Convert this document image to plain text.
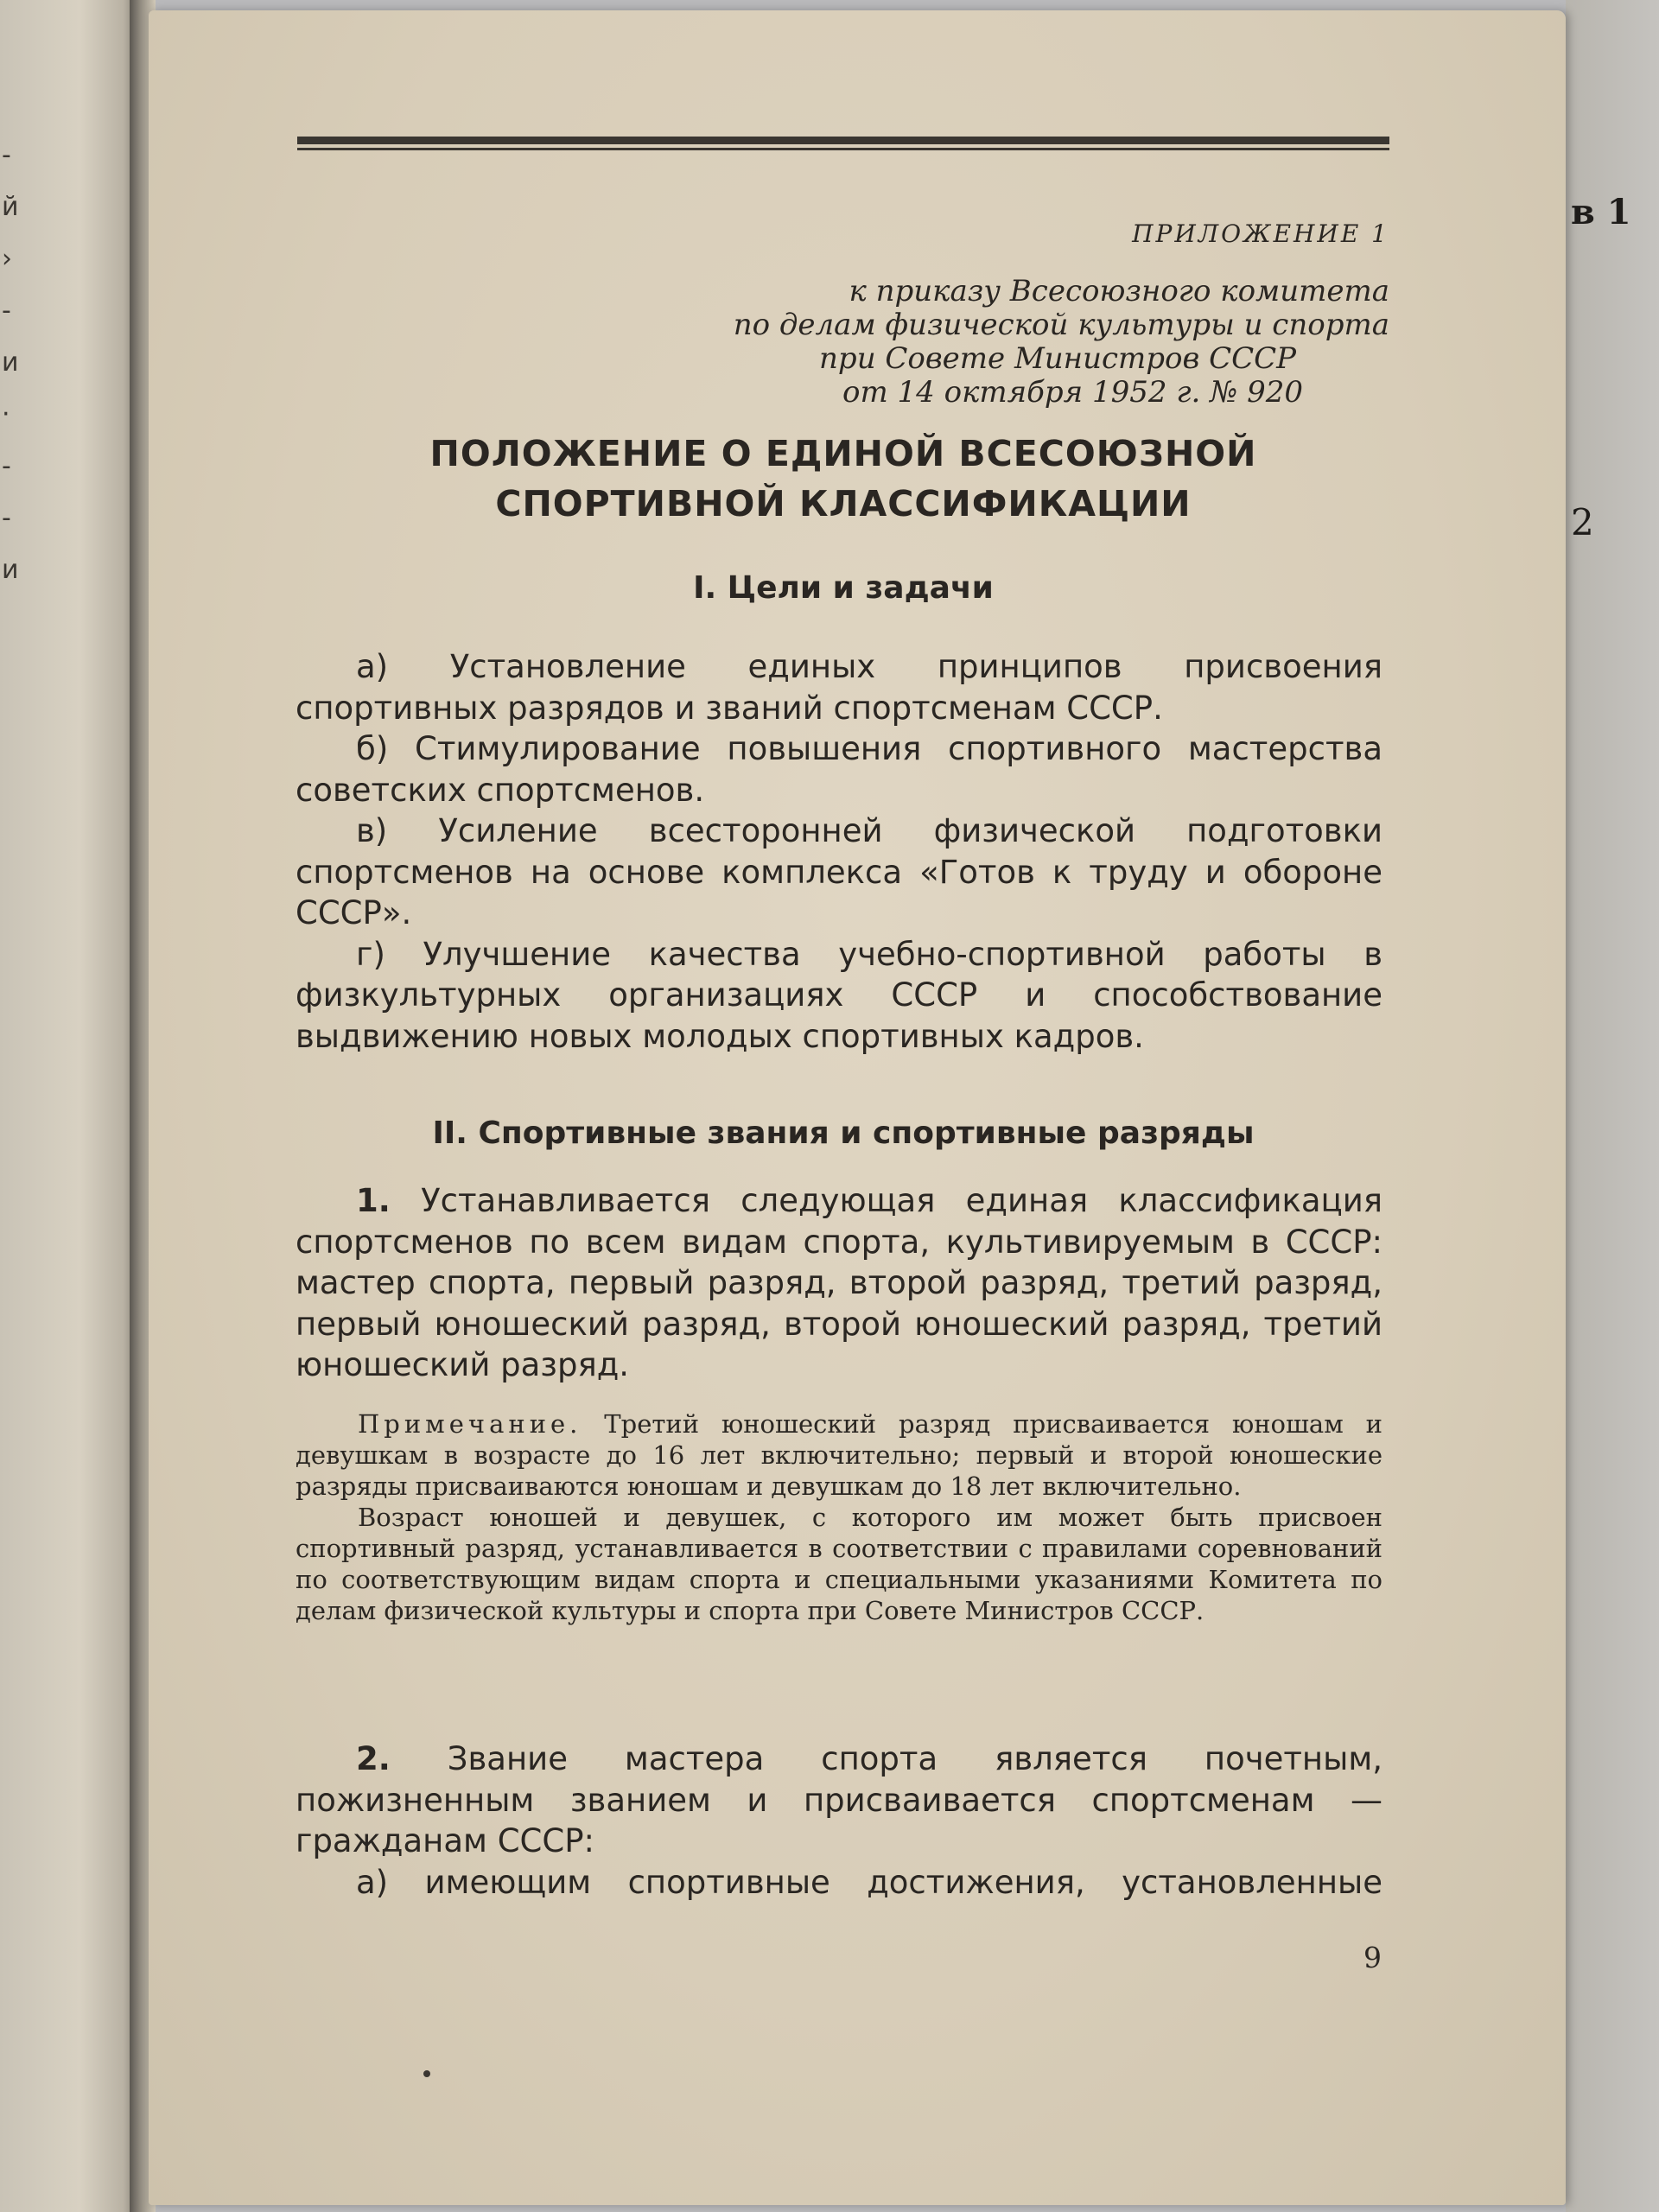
-
й
›
-
и
·
-
-
и
в 1
2
ПРИЛОЖЕНИЕ 1
к приказу Всесоюзного комитета
по делам физической культуры и спорта
при Совете Министров СССР
от 14 октября 1952 г. № 920
ПОЛОЖЕНИЕ О ЕДИНОЙ ВСЕСОЮЗНОЙ
СПОРТИВНОЙ КЛАССИФИКАЦИИ
I. Цели и задачи

а) Установление единых принципов присвоения спортивных разрядов и званий спортсменам СССР.

б) Стимулирование повышения спортивного мастерства советских спортсменов.

в) Усиление всесторонней физической подготовки спортсменов на основе комплекса «Готов к труду и обороне СССР».

г) Улучшение качества учебно-спортивной работы в физкультурных организациях СССР и способствование выдвижению новых молодых спортивных кадров.

II. Спортивные звания и спортивные разряды

1. Устанавливается следующая единая классификация спортсменов по всем видам спорта, культивируемым в СССР: мастер спорта, первый разряд, второй разряд, третий разряд, первый юношеский разряд, второй юношеский разряд, третий юношеский разряд.

Примечание. Третий юношеский разряд присваивается юношам и девушкам в возрасте до 16 лет включительно; первый и второй юношеские разряды присваиваются юношам и девушкам до 18 лет включительно.

Возраст юношей и девушек, с которого им может быть присвоен спортивный разряд, устанавливается в соответствии с правилами соревнований по соответствующим видам спорта и специальными указаниями Комитета по делам физической культуры и спорта при Совете Министров СССР.

2. Звание мастера спорта является почетным, пожизненным званием и присваивается спортсменам — гражданам СССР:

а) имеющим спортивные достижения, установленные

9
